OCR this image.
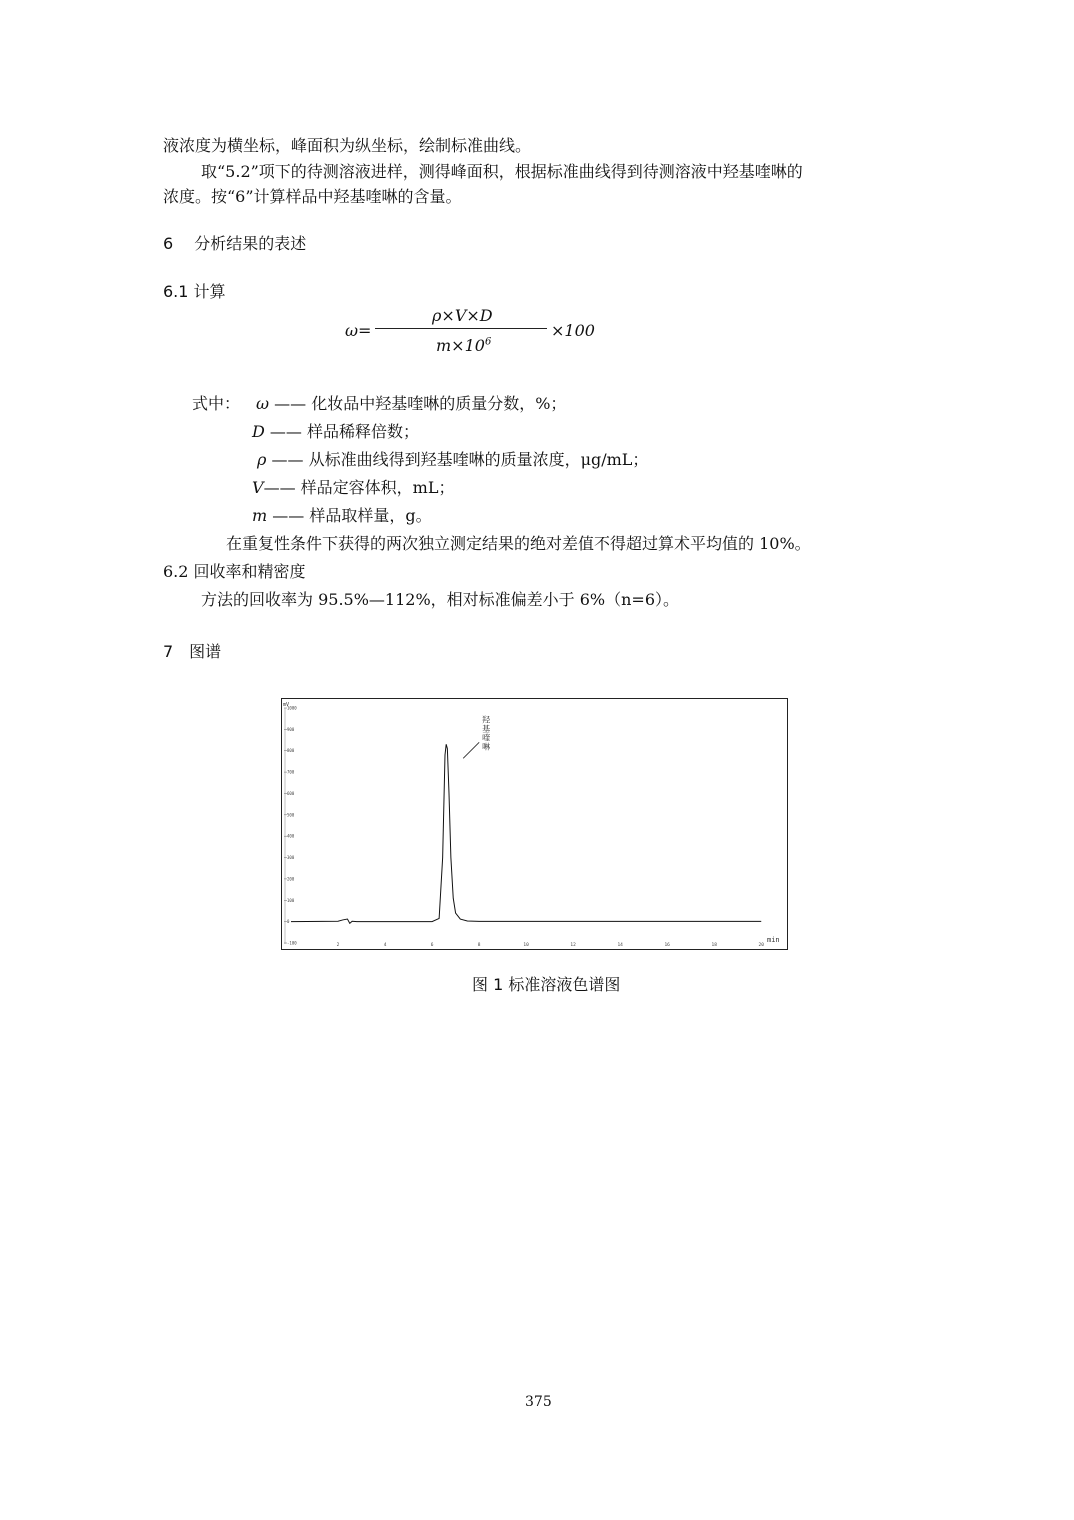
液浓度为横坐标，峰面积为纵坐标，绘制标准曲线。
取“5.2”项下的待测溶液进样，测得峰面积，根据标准曲线得到待测溶液中羟基喹啉的
浓度。按“6”计算样品中羟基喹啉的含量。
6　 分析结果的表述
6.1 计算
ω=
ρ×V×D
$m\times 10^6$
×100
式中： ω —— 化妆品中羟基喹啉的质量分数，%；
D —— 样品稀释倍数；
ρ —— 从标准曲线得到羟基喹啉的质量浓度，μg/mL；
V—— 样品定容体积，mL；
m —— 样品取样量，g。
在重复性条件下获得的两次独立测定结果的绝对差值不得超过算术平均值的 10%。
6.2 回收率和精密度
方法的回收率为 95.5%—112%，相对标准偏差小于 6%（n=6）。
7　图谱
-100
0
100
200
300
400
500
600
700
800
900
1000
2	4	6	8	10	12	14	16	18	20
mV
min
羟
基
喹
啉
图 1 标准溶液色谱图
375
